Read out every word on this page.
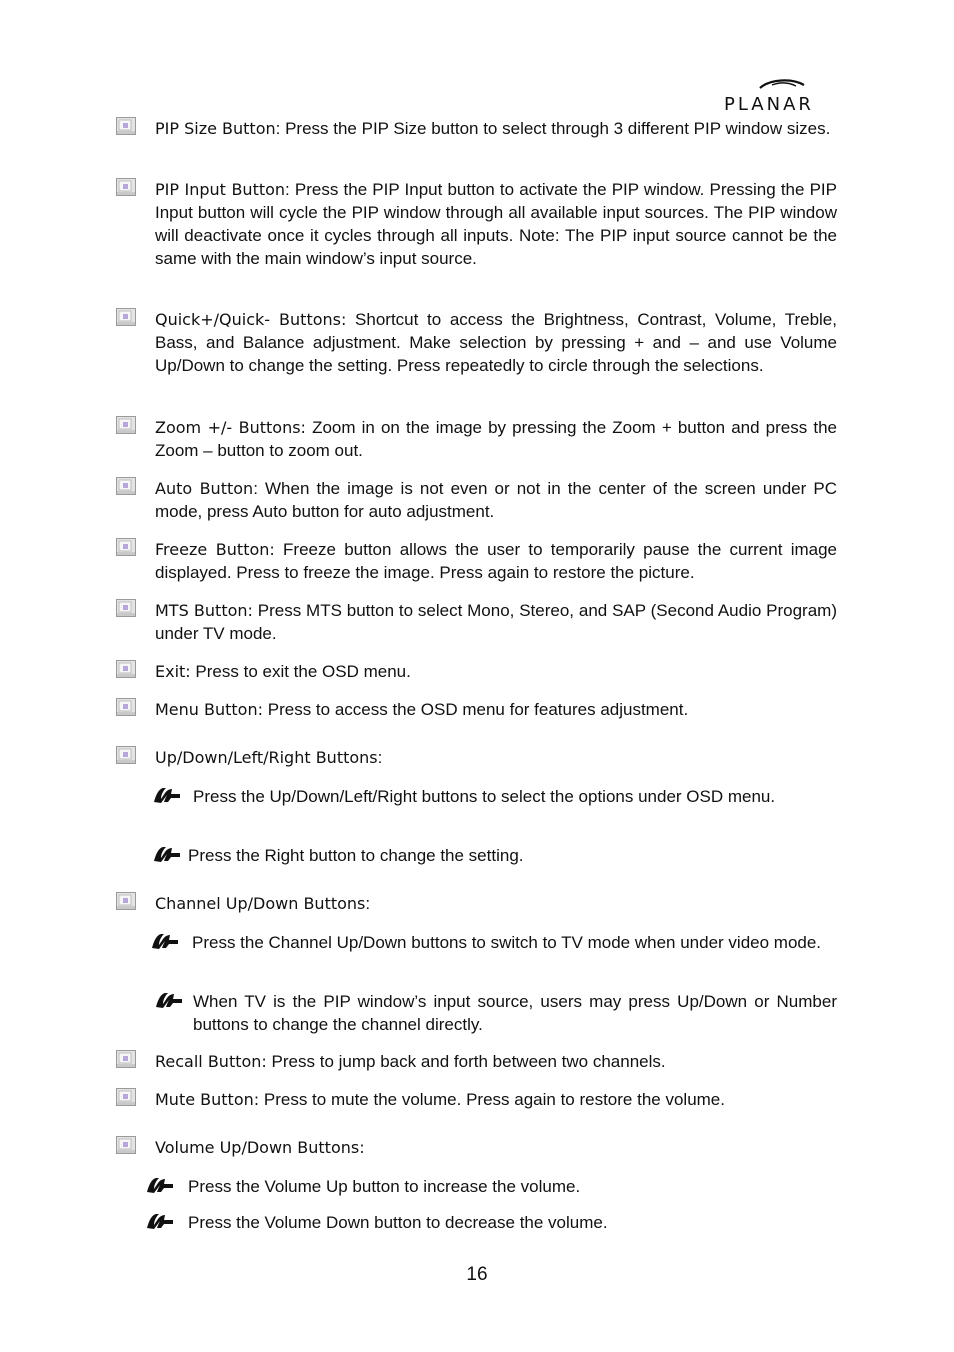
PLANAR
PIP Size Button: Press the PIP Size button to select through 3 different PIP window sizes.
PIP Input Button: Press the PIP Input button to activate the PIP window. Pressing the PIP Input button will cycle the PIP window through all available input sources. The PIP window will deactivate once it cycles through all inputs. Note: The PIP input source cannot be the same with the main window’s input source.
Quick+/Quick- Buttons: Shortcut to access the Brightness, Contrast, Volume, Treble, Bass, and Balance adjustment. Make selection by pressing + and – and use Volume Up/Down to change the setting. Press repeatedly to circle through the selections.
Zoom +/- Buttons: Zoom in on the image by pressing the Zoom + button and press the Zoom – button to zoom out.
Auto Button: When the image is not even or not in the center of the screen under PC mode, press Auto button for auto adjustment.
Freeze Button: Freeze button allows the user to temporarily pause the current image displayed. Press to freeze the image. Press again to restore the picture.
MTS Button: Press MTS button to select Mono, Stereo, and SAP (Second Audio Program) under TV mode.
Exit: Press to exit the OSD menu.
Menu Button: Press to access the OSD menu for features adjustment.
Up/Down/Left/Right Buttons:
Press the Up/Down/Left/Right buttons to select the options under OSD menu.
Press the Right button to change the setting.
Channel Up/Down Buttons:
Press the Channel Up/Down buttons to switch to TV mode when under video mode.
When TV is the PIP window’s input source, users may press Up/Down or Number buttons to change the channel directly.
Recall Button: Press to jump back and forth between two channels.
Mute Button: Press to mute the volume. Press again to restore the volume.
Volume Up/Down Buttons:
Press the Volume Up button to increase the volume.
Press the Volume Down button to decrease the volume.
16
